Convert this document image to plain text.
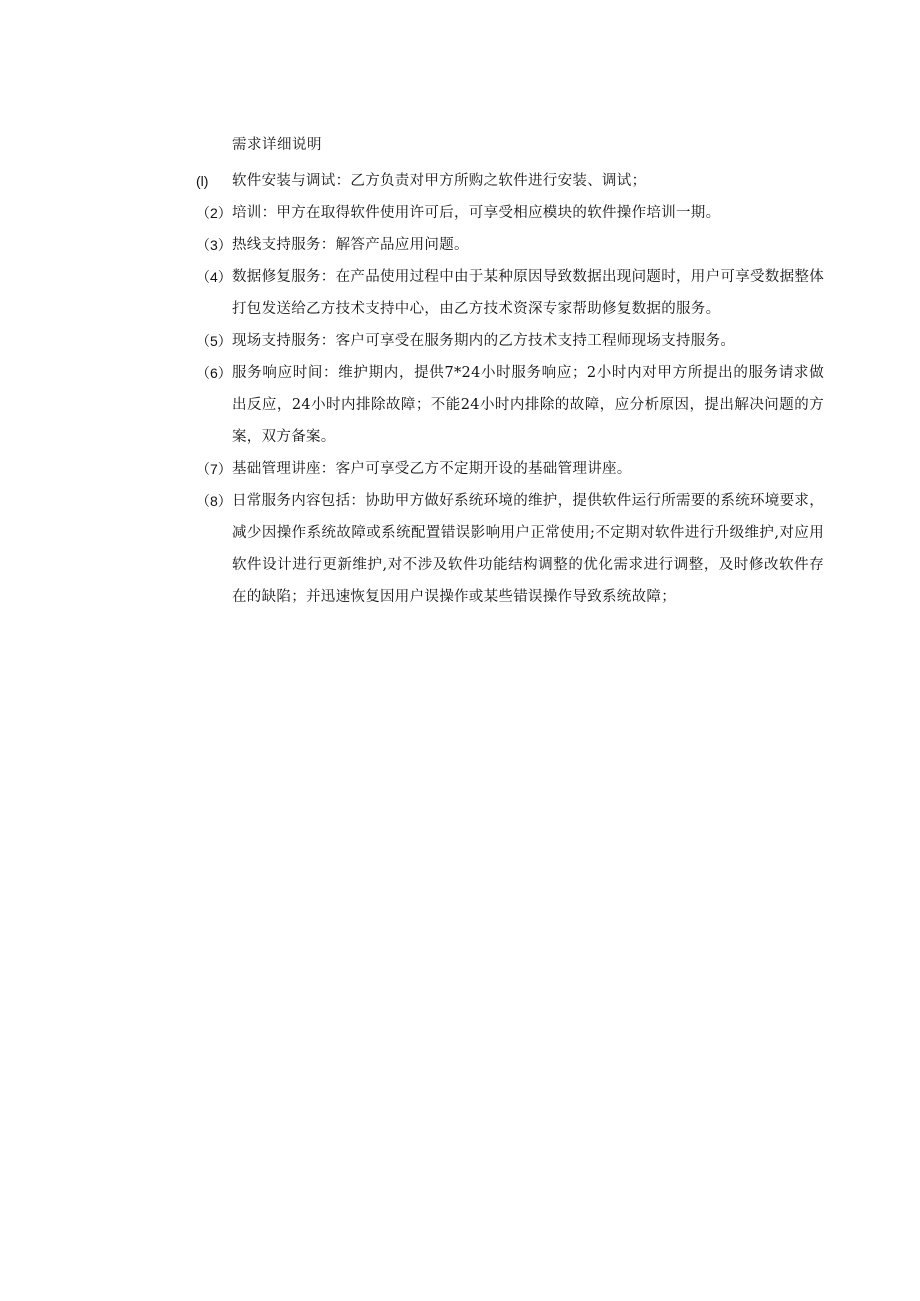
需求详细说明
(l)	软件安装与调试：乙方负责对甲方所购之软件进行安装、调试；
（2） 培训：甲方在取得软件使用许可后，可享受相应模块的软件操作培训一期。
（3） 热线支持服务：解答产品应用问题。
（4） 数据修复服务：在产品使用过程中由于某种原因导致数据出现问题时，用户可享受数据整体打包发送给乙方技术支持中心，由乙方技术资深专家帮助修复数据的服务。
（5） 现场支持服务：客户可享受在服务期内的乙方技术支持工程师现场支持服务。
（6） 服务响应时间：维护期内，提供7*24小时服务响应；2小时内对甲方所提出的服务请求做出反应，24小时内排除故障；不能24小时内排除的故障，应分析原因，提出解决问题的方案，双方备案。
（7） 基础管理讲座：客户可享受乙方不定期开设的基础管理讲座。
（8） 日常服务内容包括：协助甲方做好系统环境的维护，提供软件运行所需要的系统环境要求，减少因操作系统故障或系统配置错误影响用户正常使用;不定期对软件进行升级维护,对应用软件设计进行更新维护,对不涉及软件功能结构调整的优化需求进行调整，及时修改软件存在的缺陷；并迅速恢复因用户误操作或某些错误操作导致系统故障；
